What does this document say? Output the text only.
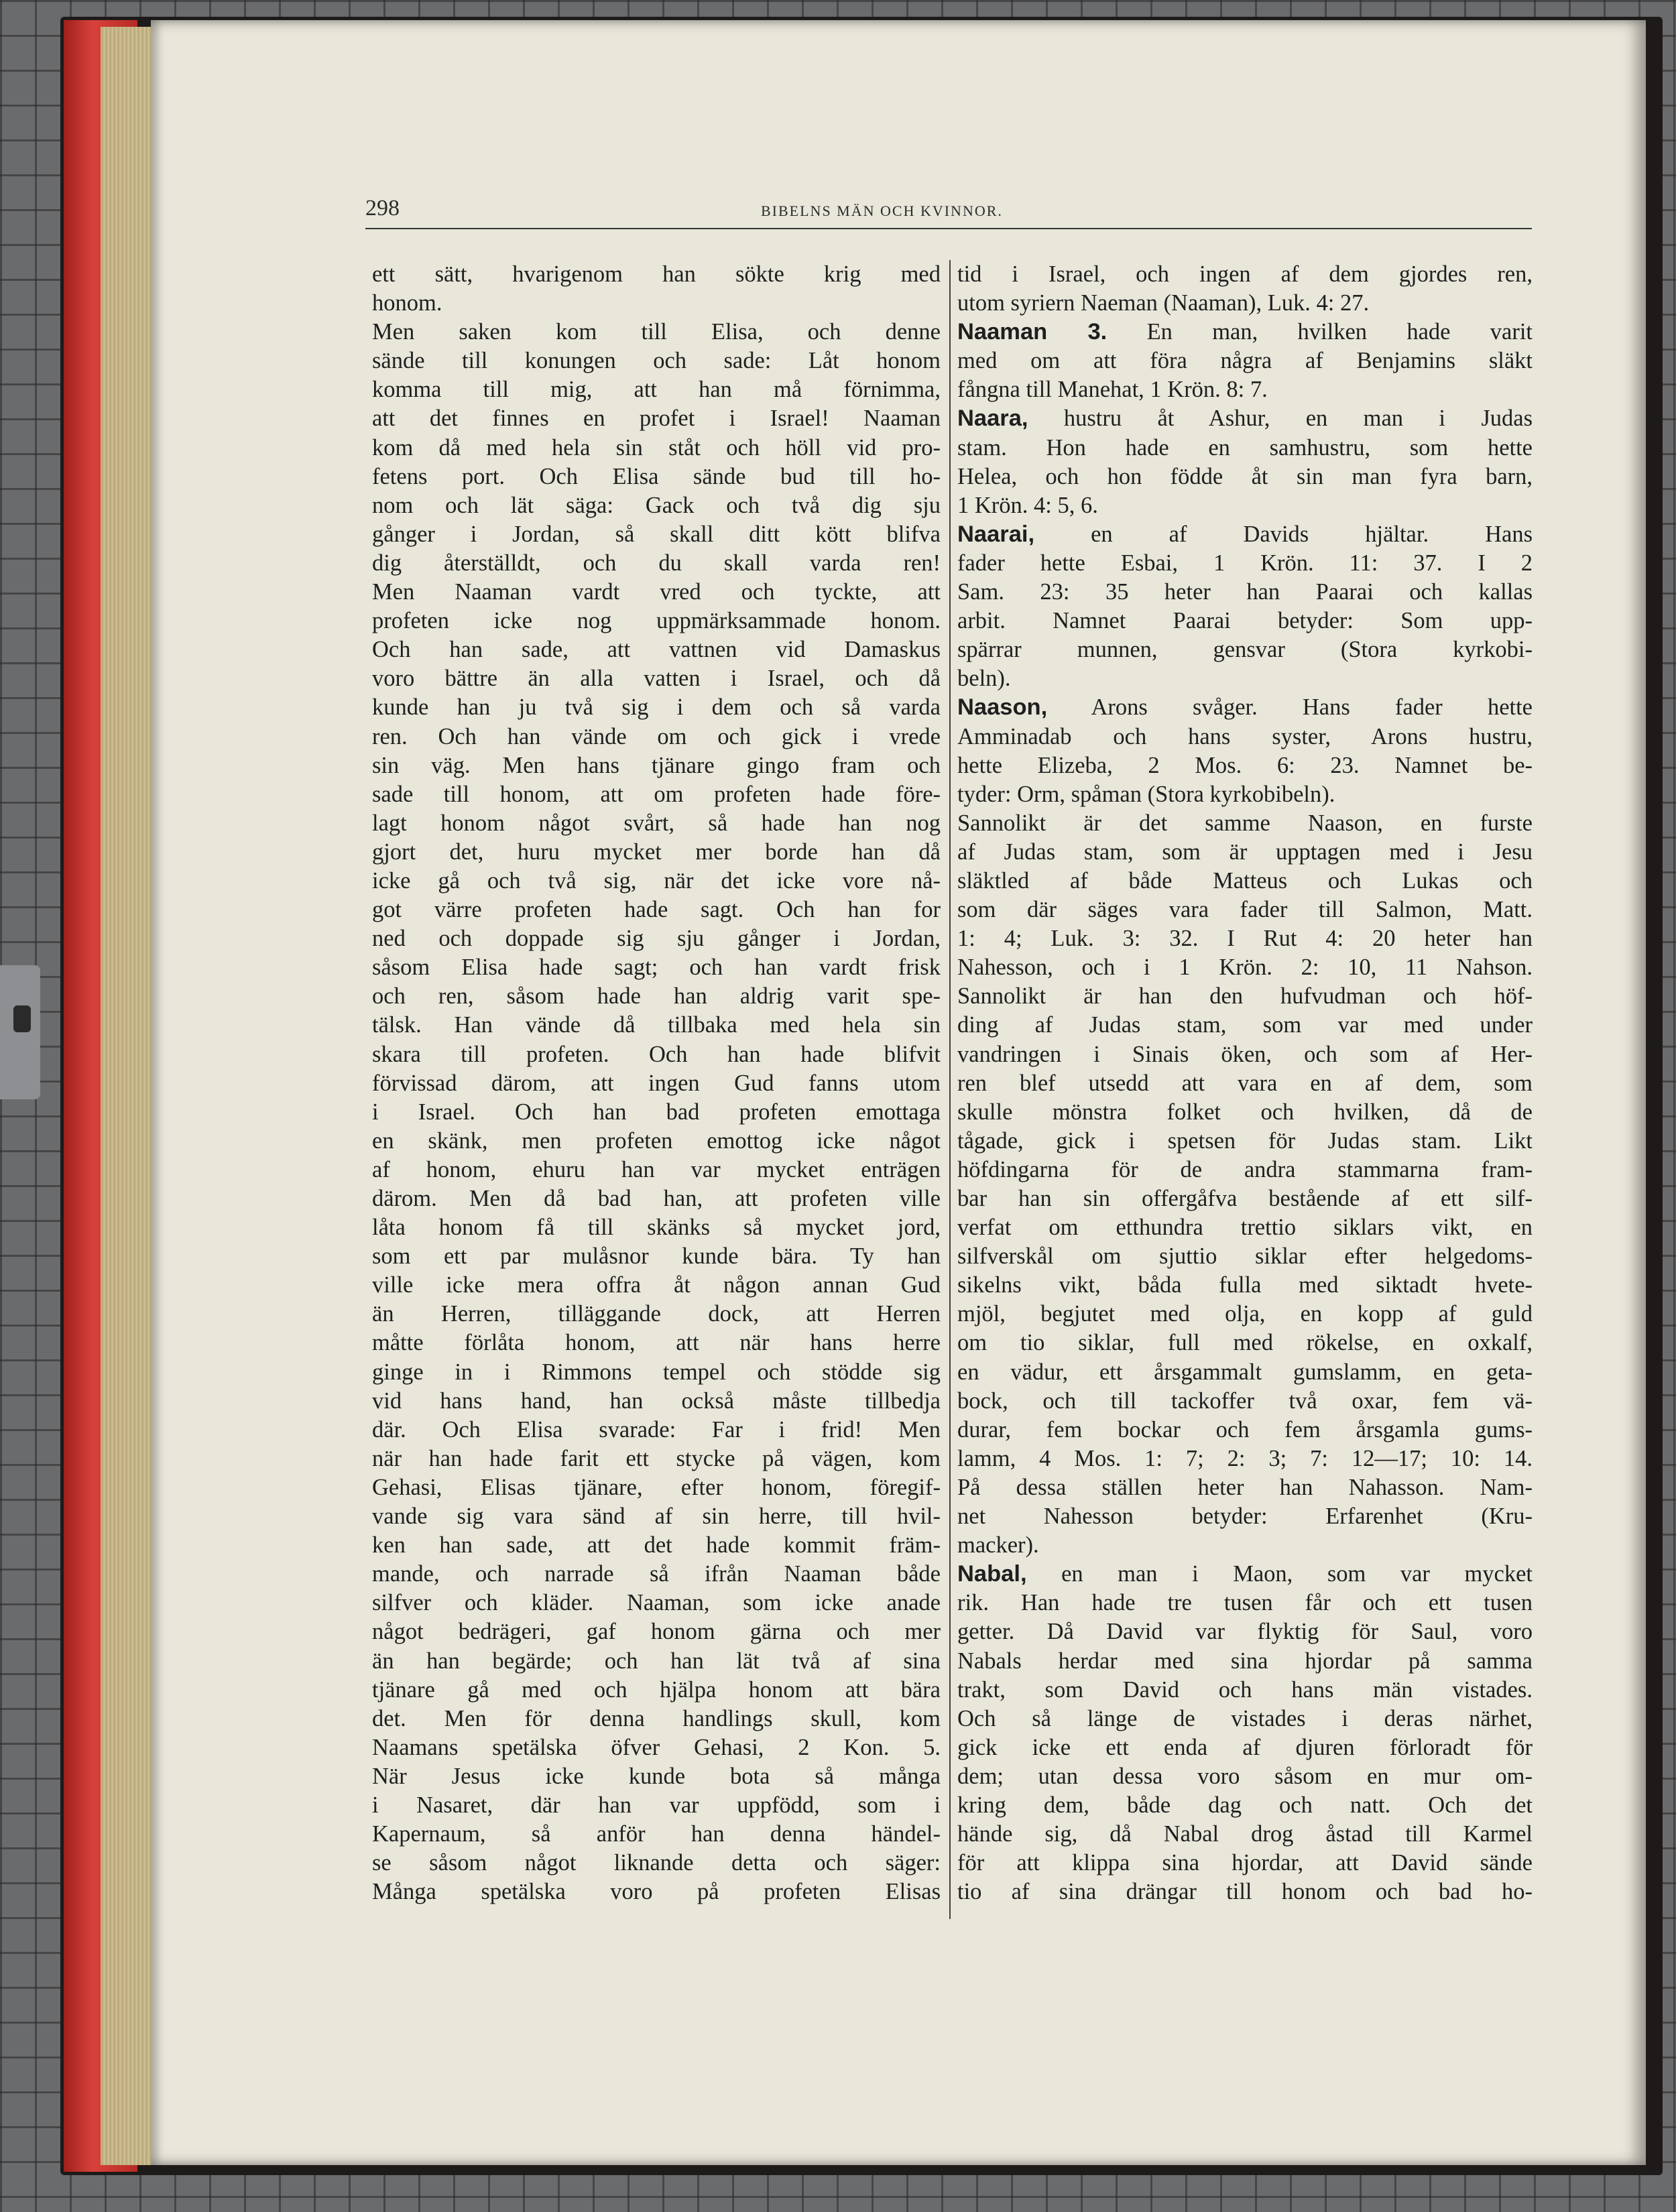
298	BIBELNS MÄN OCH KVINNOR.
ett sätt, hvarigenom han sökte krig med
honom.
Men saken kom till Elisa, och denne
sände till konungen och sade: Låt honom
komma till mig, att han må förnimma,
att det finnes en profet i Israel! Naaman
kom då med hela sin ståt och höll vid pro-
fetens port. Och Elisa sände bud till ho-
nom och lät säga: Gack och två dig sju
gånger i Jordan, så skall ditt kött blifva
dig återställdt, och du skall varda ren!
Men Naaman vardt vred och tyckte, att
profeten icke nog uppmärksammade honom.
Och han sade, att vattnen vid Damaskus
voro bättre än alla vatten i Israel, och då
kunde han ju två sig i dem och så varda
ren. Och han vände om och gick i vrede
sin väg. Men hans tjänare gingo fram och
sade till honom, att om profeten hade före-
lagt honom något svårt, så hade han nog
gjort det, huru mycket mer borde han då
icke gå och två sig, när det icke vore nå-
got värre profeten hade sagt. Och han for
ned och doppade sig sju gånger i Jordan,
såsom Elisa hade sagt; och han vardt frisk
och ren, såsom hade han aldrig varit spe-
tälsk. Han vände då tillbaka med hela sin
skara till profeten. Och han hade blifvit
förvissad därom, att ingen Gud fanns utom
i Israel. Och han bad profeten emottaga
en skänk, men profeten emottog icke något
af honom, ehuru han var mycket enträgen
därom. Men då bad han, att profeten ville
låta honom få till skänks så mycket jord,
som ett par mulåsnor kunde bära. Ty han
ville icke mera offra åt någon annan Gud
än Herren, tilläggande dock, att Herren
måtte förlåta honom, att när hans herre
ginge in i Rimmons tempel och stödde sig
vid hans hand, han också måste tillbedja
där. Och Elisa svarade: Far i frid! Men
när han hade farit ett stycke på vägen, kom
Gehasi, Elisas tjänare, efter honom, föregif-
vande sig vara sänd af sin herre, till hvil-
ken han sade, att det hade kommit främ-
mande, och narrade så ifrån Naaman både
silfver och kläder. Naaman, som icke anade
något bedrägeri, gaf honom gärna och mer
än han begärde; och han lät två af sina
tjänare gå med och hjälpa honom att bära
det. Men för denna handlings skull, kom
Naamans spetälska öfver Gehasi, 2 Kon. 5.
När Jesus icke kunde bota så många
i Nasaret, där han var uppfödd, som i
Kapernaum, så anför han denna händel-
se såsom något liknande detta och säger:
Många spetälska voro på profeten Elisas
tid i Israel, och ingen af dem gjordes ren,
utom syriern Naeman (Naaman), Luk. 4: 27.
Naaman 3. En man, hvilken hade varit
med om att föra några af Benjamins släkt
fångna till Manehat, 1 Krön. 8: 7.
Naara, hustru åt Ashur, en man i Judas
stam. Hon hade en samhustru, som hette
Helea, och hon födde åt sin man fyra barn,
1 Krön. 4: 5, 6.
Naarai, en af Davids hjältar. Hans
fader hette Esbai, 1 Krön. 11: 37. I 2
Sam. 23: 35 heter han Paarai och kallas
arbit. Namnet Paarai betyder: Som upp-
spärrar munnen, gensvar (Stora kyrkobi-
beln).
Naason, Arons svåger. Hans fader hette
Amminadab och hans syster, Arons hustru,
hette Elizeba, 2 Mos. 6: 23. Namnet be-
tyder: Orm, spåman (Stora kyrkobibeln).
Sannolikt är det samme Naason, en furste
af Judas stam, som är upptagen med i Jesu
släktled af både Matteus och Lukas och
som där säges vara fader till Salmon, Matt.
1: 4; Luk. 3: 32. I Rut 4: 20 heter han
Nahesson, och i 1 Krön. 2: 10, 11 Nahson.
Sannolikt är han den hufvudman och höf-
ding af Judas stam, som var med under
vandringen i Sinais öken, och som af Her-
ren blef utsedd att vara en af dem, som
skulle mönstra folket och hvilken, då de
tågade, gick i spetsen för Judas stam. Likt
höfdingarna för de andra stammarna fram-
bar han sin offergåfva bestående af ett silf-
verfat om etthundra trettio siklars vikt, en
silfverskål om sjuttio siklar efter helgedoms-
sikelns vikt, båda fulla med siktadt hvete-
mjöl, begjutet med olja, en kopp af guld
om tio siklar, full med rökelse, en oxkalf,
en vädur, ett årsgammalt gumslamm, en geta-
bock, och till tackoffer två oxar, fem vä-
durar, fem bockar och fem årsgamla gums-
lamm, 4 Mos. 1: 7; 2: 3; 7: 12—17; 10: 14.
På dessa ställen heter han Nahasson. Nam-
net Nahesson betyder: Erfarenhet (Kru-
macker).
Nabal, en man i Maon, som var mycket
rik. Han hade tre tusen får och ett tusen
getter. Då David var flyktig för Saul, voro
Nabals herdar med sina hjordar på samma
trakt, som David och hans män vistades.
Och så länge de vistades i deras närhet,
gick icke ett enda af djuren förloradt för
dem; utan dessa voro såsom en mur om-
kring dem, både dag och natt. Och det
hände sig, då Nabal drog åstad till Karmel
för att klippa sina hjordar, att David sände
tio af sina drängar till honom och bad ho-
